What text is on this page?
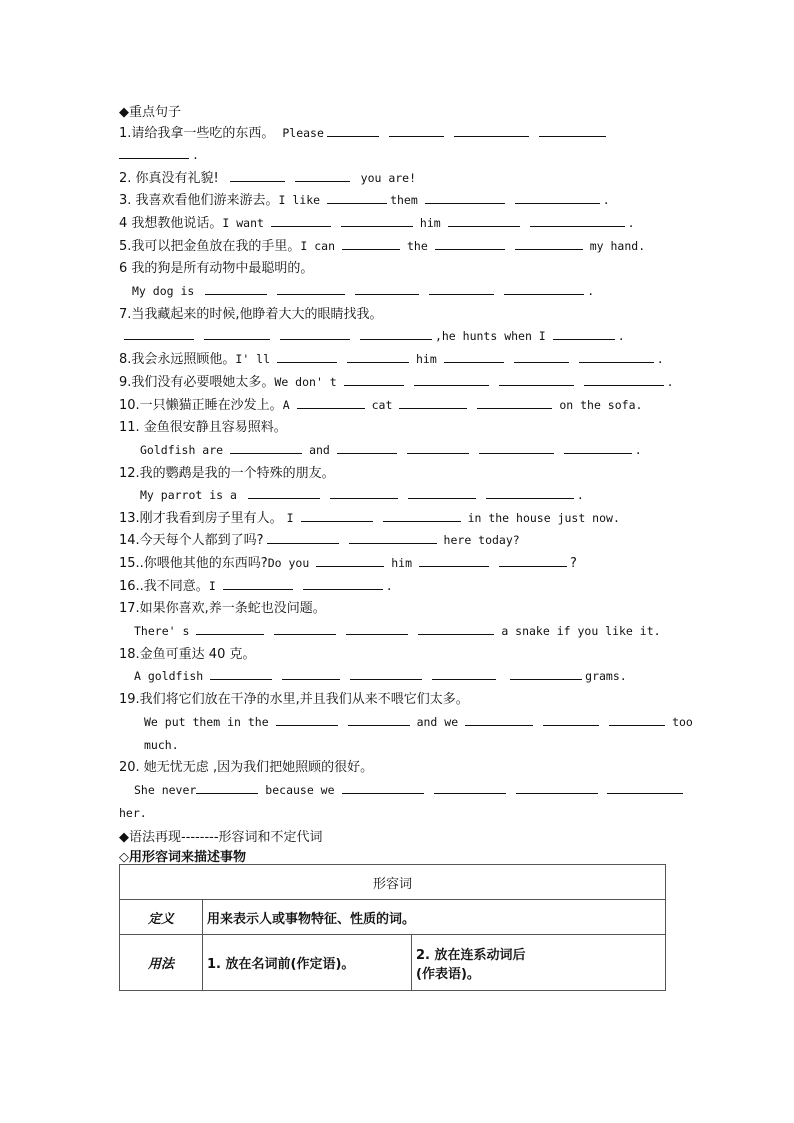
◆重点句子
1.请给我拿一些吃的东西。 Please
.
2. 你真没有礼貌!	you are!
3. 我喜欢看他们游来游去。I like	them	.
4 我想教他说话。I want	him	.
5.我可以把金鱼放在我的手里。I can	the	my hand.
6 我的狗是所有动物中最聪明的。
My dog is	.
7.当我藏起来的时候,他睁着大大的眼睛找我。
,he hunts when I	.
8.我会永远照顾他。I' ll	him	.
9.我们没有必要喂她太多。We don' t	.
10.一只懒猫正睡在沙发上。A	cat	on the sofa.
11. 金鱼很安静且容易照料。
Goldfish are	and	.
12.我的鹦鹉是我的一个特殊的朋友。
My parrot is a	.
13.刚才我看到房子里有人。 I	in the house just now.
14.今天每个人都到了吗?	here today?
15..你喂他其他的东西吗?Do you	him	?
16..我不同意。I	.
17.如果你喜欢,养一条蛇也没问题。
There' s	a snake if you like it.
18.金鱼可重达 40 克。
A goldfish	grams.
19.我们将它们放在干净的水里,并且我们从来不喂它们太多。
We put them in the	and we	too
much.
20. 她无忧无虑 ,因为我们把她照顾的很好。
She never	because we
her.
◆语法再现--------形容词和不定代词
◇用形容词来描述事物
形容词		
定义	用来表示人或事物特征、性质的词。	
用法	1. 放在名词前(作定语)。	2. 放在连系动词后
(作表语)。
